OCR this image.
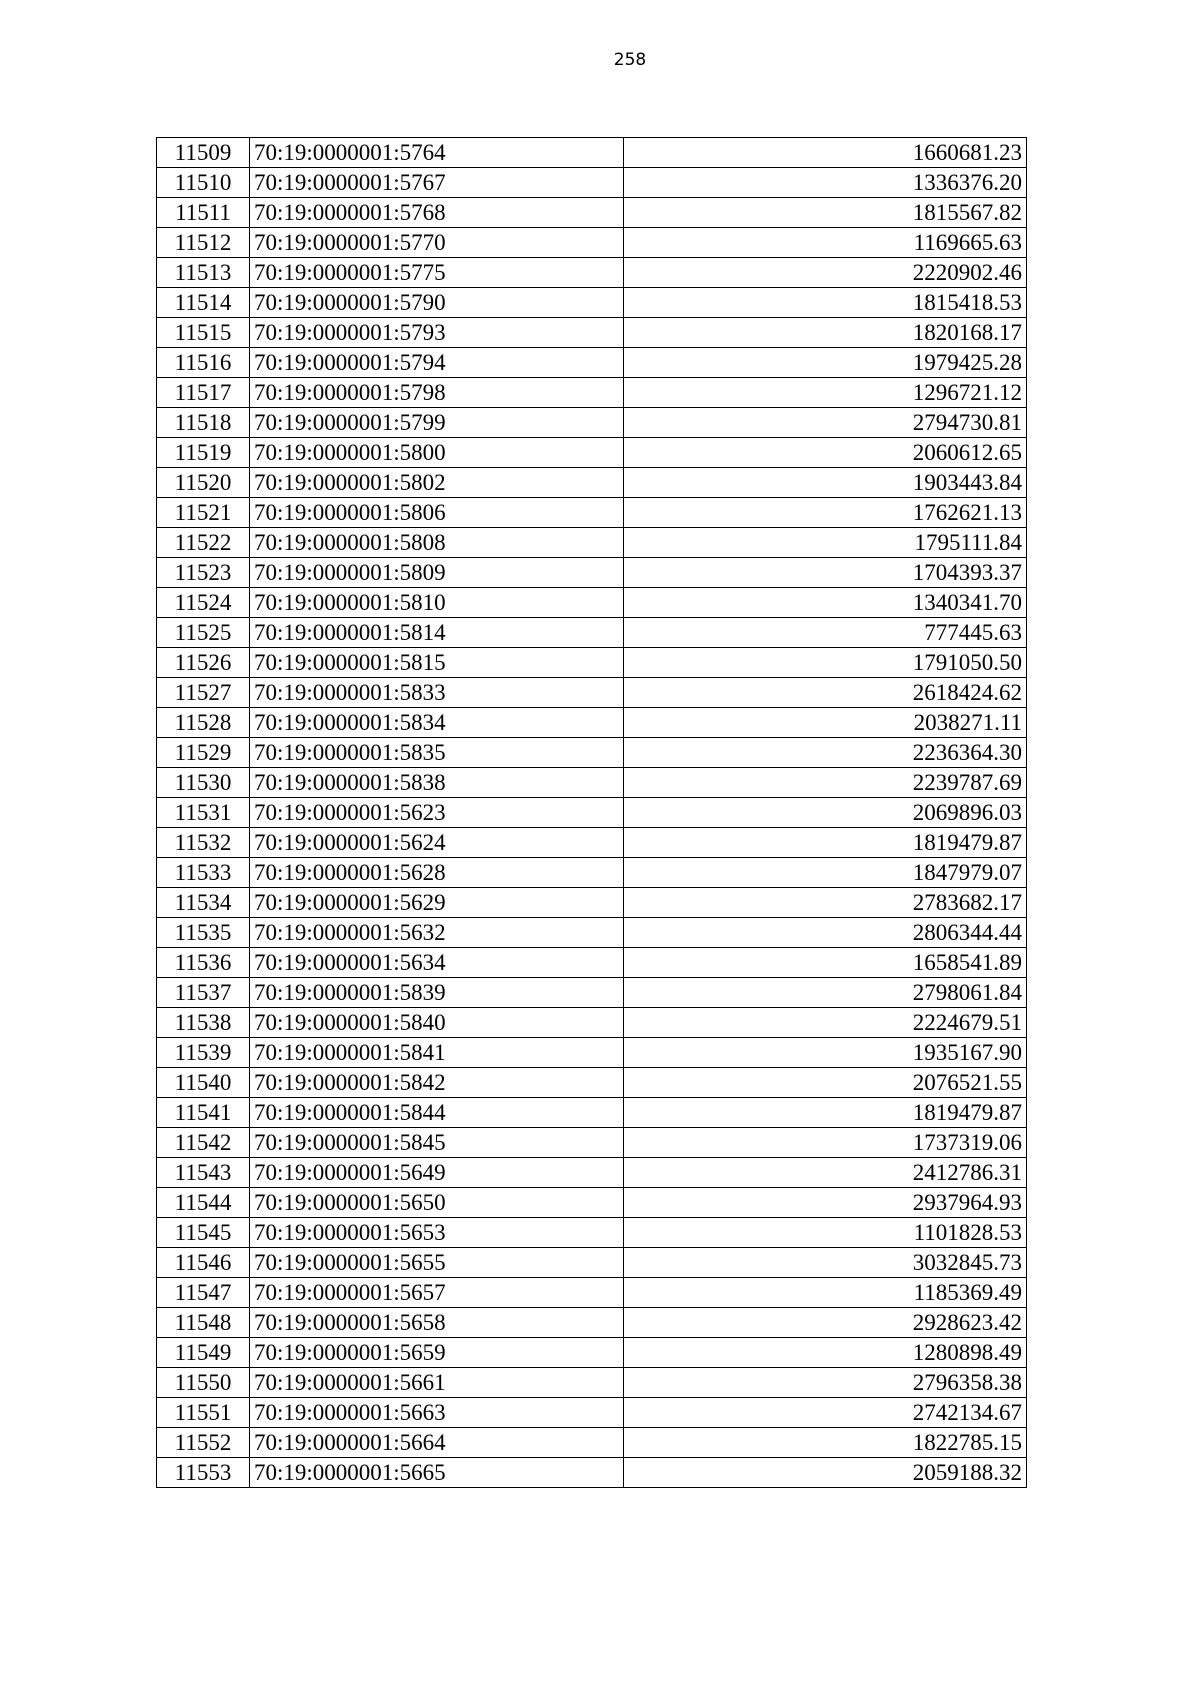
258
11509	70:19:0000001:5764	1660681.23
11510	70:19:0000001:5767	1336376.20
11511	70:19:0000001:5768	1815567.82
11512	70:19:0000001:5770	1169665.63
11513	70:19:0000001:5775	2220902.46
11514	70:19:0000001:5790	1815418.53
11515	70:19:0000001:5793	1820168.17
11516	70:19:0000001:5794	1979425.28
11517	70:19:0000001:5798	1296721.12
11518	70:19:0000001:5799	2794730.81
11519	70:19:0000001:5800	2060612.65
11520	70:19:0000001:5802	1903443.84
11521	70:19:0000001:5806	1762621.13
11522	70:19:0000001:5808	1795111.84
11523	70:19:0000001:5809	1704393.37
11524	70:19:0000001:5810	1340341.70
11525	70:19:0000001:5814	777445.63
11526	70:19:0000001:5815	1791050.50
11527	70:19:0000001:5833	2618424.62
11528	70:19:0000001:5834	2038271.11
11529	70:19:0000001:5835	2236364.30
11530	70:19:0000001:5838	2239787.69
11531	70:19:0000001:5623	2069896.03
11532	70:19:0000001:5624	1819479.87
11533	70:19:0000001:5628	1847979.07
11534	70:19:0000001:5629	2783682.17
11535	70:19:0000001:5632	2806344.44
11536	70:19:0000001:5634	1658541.89
11537	70:19:0000001:5839	2798061.84
11538	70:19:0000001:5840	2224679.51
11539	70:19:0000001:5841	1935167.90
11540	70:19:0000001:5842	2076521.55
11541	70:19:0000001:5844	1819479.87
11542	70:19:0000001:5845	1737319.06
11543	70:19:0000001:5649	2412786.31
11544	70:19:0000001:5650	2937964.93
11545	70:19:0000001:5653	1101828.53
11546	70:19:0000001:5655	3032845.73
11547	70:19:0000001:5657	1185369.49
11548	70:19:0000001:5658	2928623.42
11549	70:19:0000001:5659	1280898.49
11550	70:19:0000001:5661	2796358.38
11551	70:19:0000001:5663	2742134.67
11552	70:19:0000001:5664	1822785.15
11553	70:19:0000001:5665	2059188.32
